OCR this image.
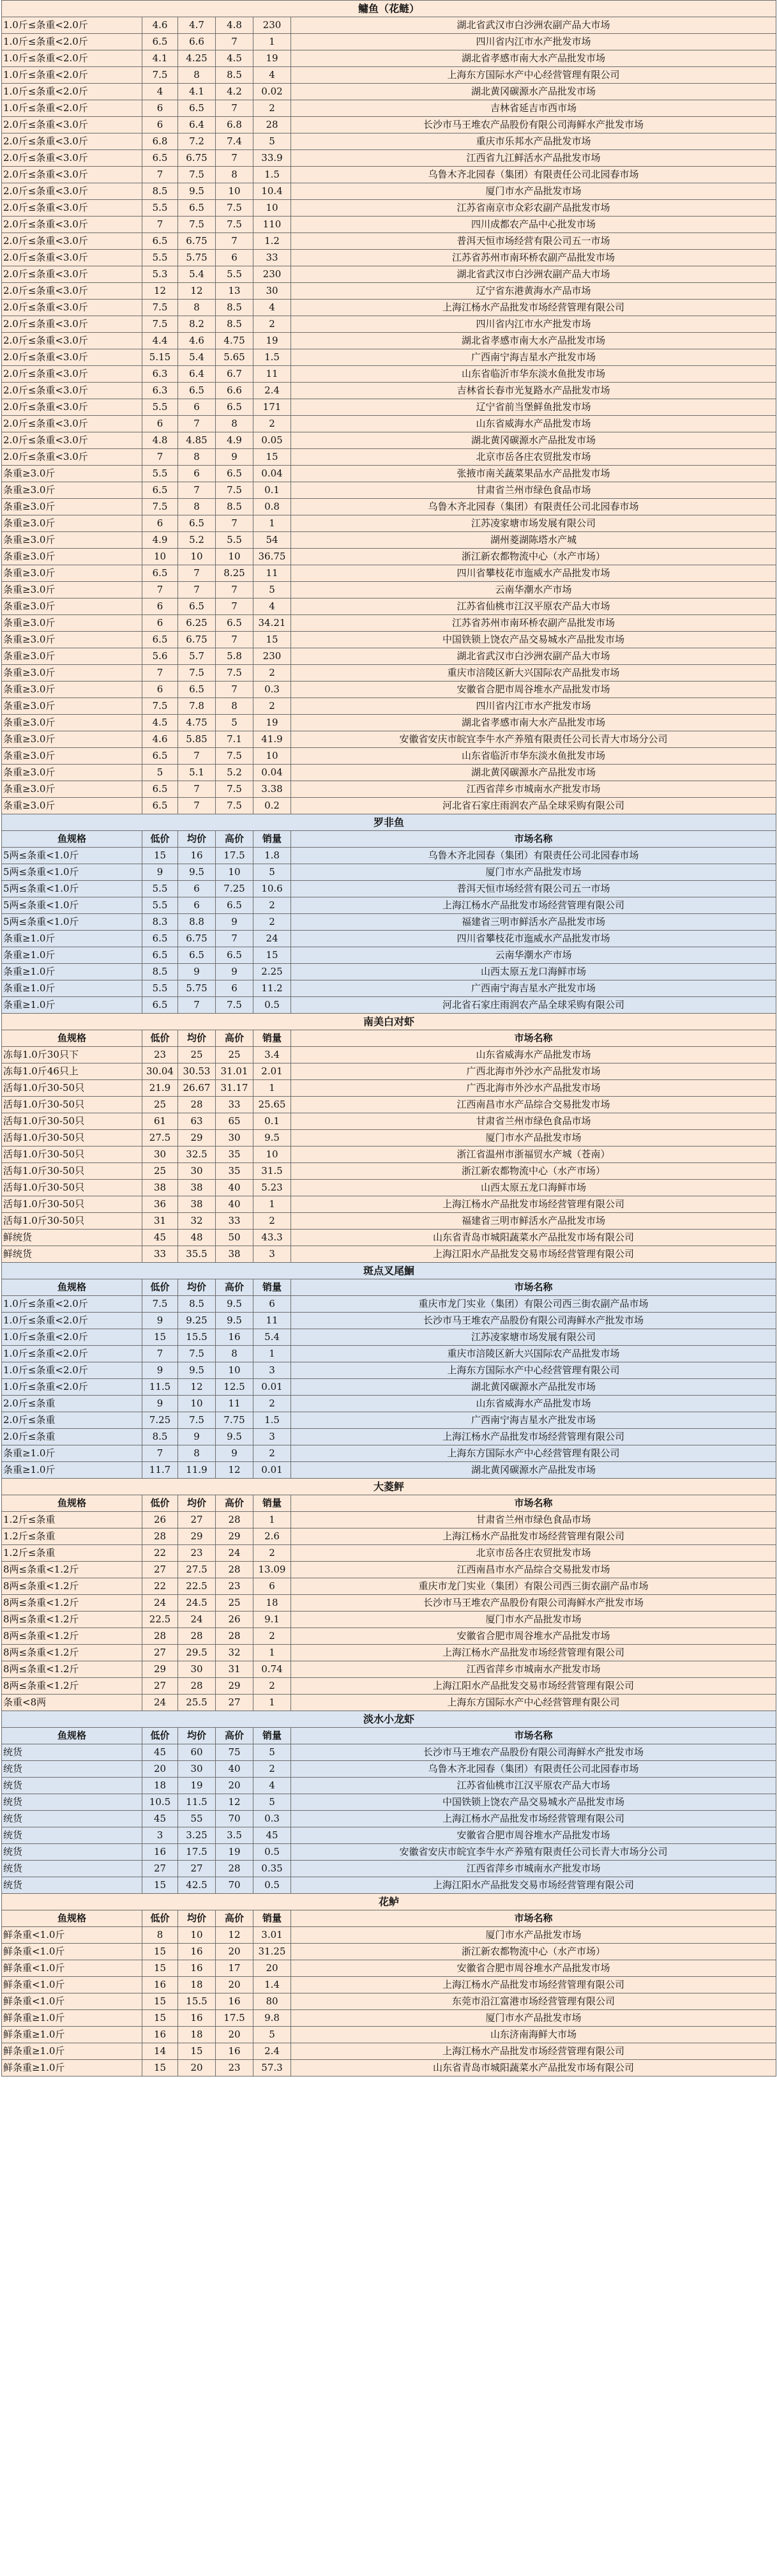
鳙鱼（花鲢）					
1.0斤≤条重<2.0斤	4.6	4.7	4.8	230	湖北省武汉市白沙洲农副产品大市场
1.0斤≤条重<2.0斤	6.5	6.6	7	1	四川省内江市水产批发市场
1.0斤≤条重<2.0斤	4.1	4.25	4.5	19	湖北省孝感市南大水产品批发市场
1.0斤≤条重<2.0斤	7.5	8	8.5	4	上海东方国际水产中心经营管理有限公司
1.0斤≤条重<2.0斤	4	4.1	4.2	0.02	湖北黄冈碳源水产品批发市场
1.0斤≤条重<2.0斤	6	6.5	7	2	吉林省延吉市西市场
2.0斤≤条重<3.0斤	6	6.4	6.8	28	长沙市马王堆农产品股份有限公司海鲜水产批发市场
2.0斤≤条重<3.0斤	6.8	7.2	7.4	5	重庆市乐邦水产品批发市场
2.0斤≤条重<3.0斤	6.5	6.75	7	33.9	江西省九江鲜活水产品批发市场
2.0斤≤条重<3.0斤	7	7.5	8	1.5	乌鲁木齐北园春（集团）有限责任公司北园春市场
2.0斤≤条重<3.0斤	8.5	9.5	10	10.4	厦门市水产品批发市场
2.0斤≤条重<3.0斤	5.5	6.5	7.5	10	江苏省南京市众彩农副产品批发市场
2.0斤≤条重<3.0斤	7	7.5	7.5	110	四川成都农产品中心批发市场
2.0斤≤条重<3.0斤	6.5	6.75	7	1.2	普洱天恒市场经营有限公司五一市场
2.0斤≤条重<3.0斤	5.5	5.75	6	33	江苏省苏州市南环桥农副产品批发市场
2.0斤≤条重<3.0斤	5.3	5.4	5.5	230	湖北省武汉市白沙洲农副产品大市场
2.0斤≤条重<3.0斤	12	12	13	30	辽宁省东港黄海水产品市场
2.0斤≤条重<3.0斤	7.5	8	8.5	4	上海江杨水产品批发市场经营管理有限公司
2.0斤≤条重<3.0斤	7.5	8.2	8.5	2	四川省内江市水产批发市场
2.0斤≤条重<3.0斤	4.4	4.6	4.75	19	湖北省孝感市南大水产品批发市场
2.0斤≤条重<3.0斤	5.15	5.4	5.65	1.5	广西南宁海吉星水产批发市场
2.0斤≤条重<3.0斤	6.3	6.4	6.7	11	山东省临沂市华东淡水鱼批发市场
2.0斤≤条重<3.0斤	6.3	6.5	6.6	2.4	吉林省长春市光复路水产品批发市场
2.0斤≤条重<3.0斤	5.5	6	6.5	171	辽宁省前当堡鲜鱼批发市场
2.0斤≤条重<3.0斤	6	7	8	2	山东省威海水产品批发市场
2.0斤≤条重<3.0斤	4.8	4.85	4.9	0.05	湖北黄冈碳源水产品批发市场
2.0斤≤条重<3.0斤	7	8	9	15	北京市岳各庄农贸批发市场
条重≥3.0斤	5.5	6	6.5	0.04	张掖市南关蔬菜果品水产品批发市场
条重≥3.0斤	6.5	7	7.5	0.1	甘肃省兰州市绿色食品市场
条重≥3.0斤	7.5	8	8.5	0.8	乌鲁木齐北园春（集团）有限责任公司北园春市场
条重≥3.0斤	6	6.5	7	1	江苏凌家塘市场发展有限公司
条重≥3.0斤	4.9	5.2	5.5	54	湖州菱湖陈塔水产城
条重≥3.0斤	10	10	10	36.75	浙江新农都物流中心（水产市场）
条重≥3.0斤	6.5	7	8.25	11	四川省攀枝花市迤威水产品批发市场
条重≥3.0斤	7	7	7	5	云南华潮水产市场
条重≥3.0斤	6	6.5	7	4	江苏省仙桃市江汉平原农产品大市场
条重≥3.0斤	6	6.25	6.5	34.21	江苏省苏州市南环桥农副产品批发市场
条重≥3.0斤	6.5	6.75	7	15	中国铁锁上饶农产品交易城水产品批发市场
条重≥3.0斤	5.6	5.7	5.8	230	湖北省武汉市白沙洲农副产品大市场
条重≥3.0斤	7	7.5	7.5	2	重庆市涪陵区新大兴国际农产品批发市场
条重≥3.0斤	6	6.5	7	0.3	安徽省合肥市周谷堆水产品批发市场
条重≥3.0斤	7.5	7.8	8	2	四川省内江市水产批发市场
条重≥3.0斤	4.5	4.75	5	19	湖北省孝感市南大水产品批发市场
条重≥3.0斤	4.6	5.85	7.1	41.9	安徽省安庆市皖宜李牛水产养殖有限责任公司长青大市场分公司
条重≥3.0斤	6.5	7	7.5	10	山东省临沂市华东淡水鱼批发市场
条重≥3.0斤	5	5.1	5.2	0.04	湖北黄冈碳源水产品批发市场
条重≥3.0斤	6.5	7	7.5	3.38	江西省萍乡市城南水产批发市场
条重≥3.0斤	6.5	7	7.5	0.2	河北省石家庄雨润农产品全球采购有限公司
罗非鱼					
鱼规格	低价	均价	高价	销量	市场名称
5两≤条重<1.0斤	15	16	17.5	1.8	乌鲁木齐北园春（集团）有限责任公司北园春市场
5两≤条重<1.0斤	9	9.5	10	5	厦门市水产品批发市场
5两≤条重<1.0斤	5.5	6	7.25	10.6	普洱天恒市场经营有限公司五一市场
5两≤条重<1.0斤	5.5	6	6.5	2	上海江杨水产品批发市场经营管理有限公司
5两≤条重<1.0斤	8.3	8.8	9	2	福建省三明市鲜活水产品批发市场
条重≥1.0斤	6.5	6.75	7	24	四川省攀枝花市迤威水产品批发市场
条重≥1.0斤	6.5	6.5	6.5	15	云南华潮水产市场
条重≥1.0斤	8.5	9	9	2.25	山西太原五龙口海鲜市场
条重≥1.0斤	5.5	5.75	6	11.2	广西南宁海吉星水产批发市场
条重≥1.0斤	6.5	7	7.5	0.5	河北省石家庄雨润农产品全球采购有限公司
南美白对虾					
鱼规格	低价	均价	高价	销量	市场名称
冻每1.0斤30只下	23	25	25	3.4	山东省威海水产品批发市场
冻每1.0斤46只上	30.04	30.53	31.01	2.01	广西北海市外沙水产品批发市场
活每1.0斤30-50只	21.9	26.67	31.17	1	广西北海市外沙水产品批发市场
活每1.0斤30-50只	25	28	33	25.65	江西南昌市水产品综合交易批发市场
活每1.0斤30-50只	61	63	65	0.1	甘肃省兰州市绿色食品市场
活每1.0斤30-50只	27.5	29	30	9.5	厦门市水产品批发市场
活每1.0斤30-50只	30	32.5	35	10	浙江省温州市浙福贸水产城（苍南）
活每1.0斤30-50只	25	30	35	31.5	浙江新农都物流中心（水产市场）
活每1.0斤30-50只	38	38	40	5.23	山西太原五龙口海鲜市场
活每1.0斤30-50只	36	38	40	1	上海江杨水产品批发市场经营管理有限公司
活每1.0斤30-50只	31	32	33	2	福建省三明市鲜活水产品批发市场
鲜统货	45	48	50	43.3	山东省青岛市城阳蔬菜水产品批发市场有限公司
鲜统货	33	35.5	38	3	上海江阳水产品批发交易市场经营管理有限公司
斑点叉尾鮰					
鱼规格	低价	均价	高价	销量	市场名称
1.0斤≤条重<2.0斤	7.5	8.5	9.5	6	重庆市龙门实业（集团）有限公司西三街农副产品市场
1.0斤≤条重<2.0斤	9	9.25	9.5	11	长沙市马王堆农产品股份有限公司海鲜水产批发市场
1.0斤≤条重<2.0斤	15	15.5	16	5.4	江苏凌家塘市场发展有限公司
1.0斤≤条重<2.0斤	7	7.5	8	1	重庆市涪陵区新大兴国际农产品批发市场
1.0斤≤条重<2.0斤	9	9.5	10	3	上海东方国际水产中心经营管理有限公司
1.0斤≤条重<2.0斤	11.5	12	12.5	0.01	湖北黄冈碳源水产品批发市场
2.0斤≤条重	9	10	11	2	山东省威海水产品批发市场
2.0斤≤条重	7.25	7.5	7.75	1.5	广西南宁海吉星水产批发市场
2.0斤≤条重	8.5	9	9.5	3	上海江杨水产品批发市场经营管理有限公司
条重≥1.0斤	7	8	9	2	上海东方国际水产中心经营管理有限公司
条重≥1.0斤	11.7	11.9	12	0.01	湖北黄冈碳源水产品批发市场
大菱鲆					
鱼规格	低价	均价	高价	销量	市场名称
1.2斤≤条重	26	27	28	1	甘肃省兰州市绿色食品市场
1.2斤≤条重	28	29	29	2.6	上海江杨水产品批发市场经营管理有限公司
1.2斤≤条重	22	23	24	2	北京市岳各庄农贸批发市场
8两≤条重<1.2斤	27	27.5	28	13.09	江西南昌市水产品综合交易批发市场
8两≤条重<1.2斤	22	22.5	23	6	重庆市龙门实业（集团）有限公司西三街农副产品市场
8两≤条重<1.2斤	24	24.5	25	18	长沙市马王堆农产品股份有限公司海鲜水产批发市场
8两≤条重<1.2斤	22.5	24	26	9.1	厦门市水产品批发市场
8两≤条重<1.2斤	28	28	28	2	安徽省合肥市周谷堆水产品批发市场
8两≤条重<1.2斤	27	29.5	32	1	上海江杨水产品批发市场经营管理有限公司
8两≤条重<1.2斤	29	30	31	0.74	江西省萍乡市城南水产批发市场
8两≤条重<1.2斤	27	28	29	2	上海江阳水产品批发交易市场经营管理有限公司
条重<8两	24	25.5	27	1	上海东方国际水产中心经营管理有限公司
淡水小龙虾					
鱼规格	低价	均价	高价	销量	市场名称
统货	45	60	75	5	长沙市马王堆农产品股份有限公司海鲜水产批发市场
统货	20	30	40	2	乌鲁木齐北园春（集团）有限责任公司北园春市场
统货	18	19	20	4	江苏省仙桃市江汉平原农产品大市场
统货	10.5	11.5	12	5	中国铁锁上饶农产品交易城水产品批发市场
统货	45	55	70	0.3	上海江杨水产品批发市场经营管理有限公司
统货	3	3.25	3.5	45	安徽省合肥市周谷堆水产品批发市场
统货	16	17.5	19	0.5	安徽省安庆市皖宜李牛水产养殖有限责任公司长青大市场分公司
统货	27	27	28	0.35	江西省萍乡市城南水产批发市场
统货	15	42.5	70	0.5	上海江阳水产品批发交易市场经营管理有限公司
花鲈					
鱼规格	低价	均价	高价	销量	市场名称
鲜条重<1.0斤	8	10	12	3.01	厦门市水产品批发市场
鲜条重<1.0斤	15	16	20	31.25	浙江新农都物流中心（水产市场）
鲜条重<1.0斤	15	16	17	20	安徽省合肥市周谷堆水产品批发市场
鲜条重<1.0斤	16	18	20	1.4	上海江杨水产品批发市场经营管理有限公司
鲜条重<1.0斤	15	15.5	16	80	东莞市沿江富港市场经营管理有限公司
鲜条重≥1.0斤	15	16	17.5	9.8	厦门市水产品批发市场
鲜条重≥1.0斤	16	18	20	5	山东济南海鲜大市场
鲜条重≥1.0斤	14	15	16	2.4	上海江杨水产品批发市场经营管理有限公司
鲜条重≥1.0斤	15	20	23	57.3	山东省青岛市城阳蔬菜水产品批发市场有限公司
